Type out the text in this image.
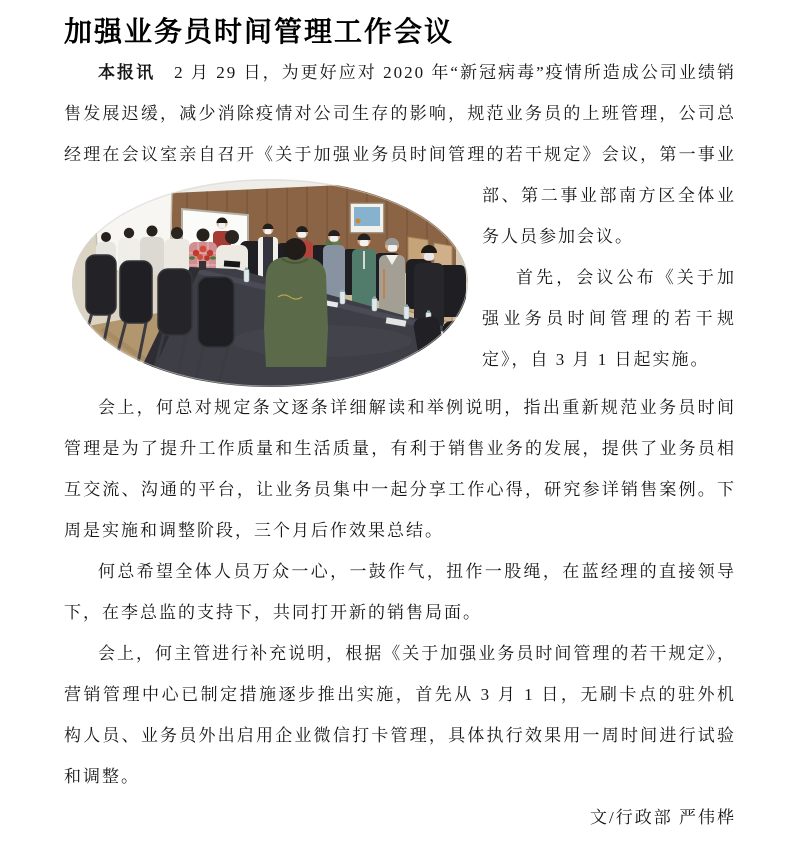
加强业务员时间管理工作会议

本报讯　2 月 29 日，为更好应对 2020 年“新冠病毒”疫情所造成公司业绩销售发展迟缓，减少消除疫情对公司生存的影响，规范业务员的上班管理，公司总经理在会议室亲自召开《关于加强业务员时间管理的若干规定》会议，第一事
业部、第二事业部南方区全体业务人员参加会议。

首先，会议公布《关于加强业务员时间管理的若干规定》，自 3 月 1 日起实施。

会上，何总对规定条文逐条详细解读和举例说明，指出重新规范业务员时间管理是为了提升工作质量和生活质量，有利于销售业务的发展，提供了业务员相互交流、沟通的平台，让业务员集中一起分享工作心得，研究参详销售案例。下周是实施和调整阶段，三个月后作效果总结。

何总希望全体人员万众一心，一鼓作气，扭作一股绳，在蓝经理的直接领导下，在李总监的支持下，共同打开新的销售局面。

会上，何主管进行补充说明，根据《关于加强业务员时间管理的若干规定》，营销管理中心已制定措施逐步推出实施，首先从 3 月 1 日，无刷卡点的驻外机构人员、业务员外出启用企业微信打卡管理，具体执行效果用一周时间进行试验和调整。

文/行政部 严伟桦
